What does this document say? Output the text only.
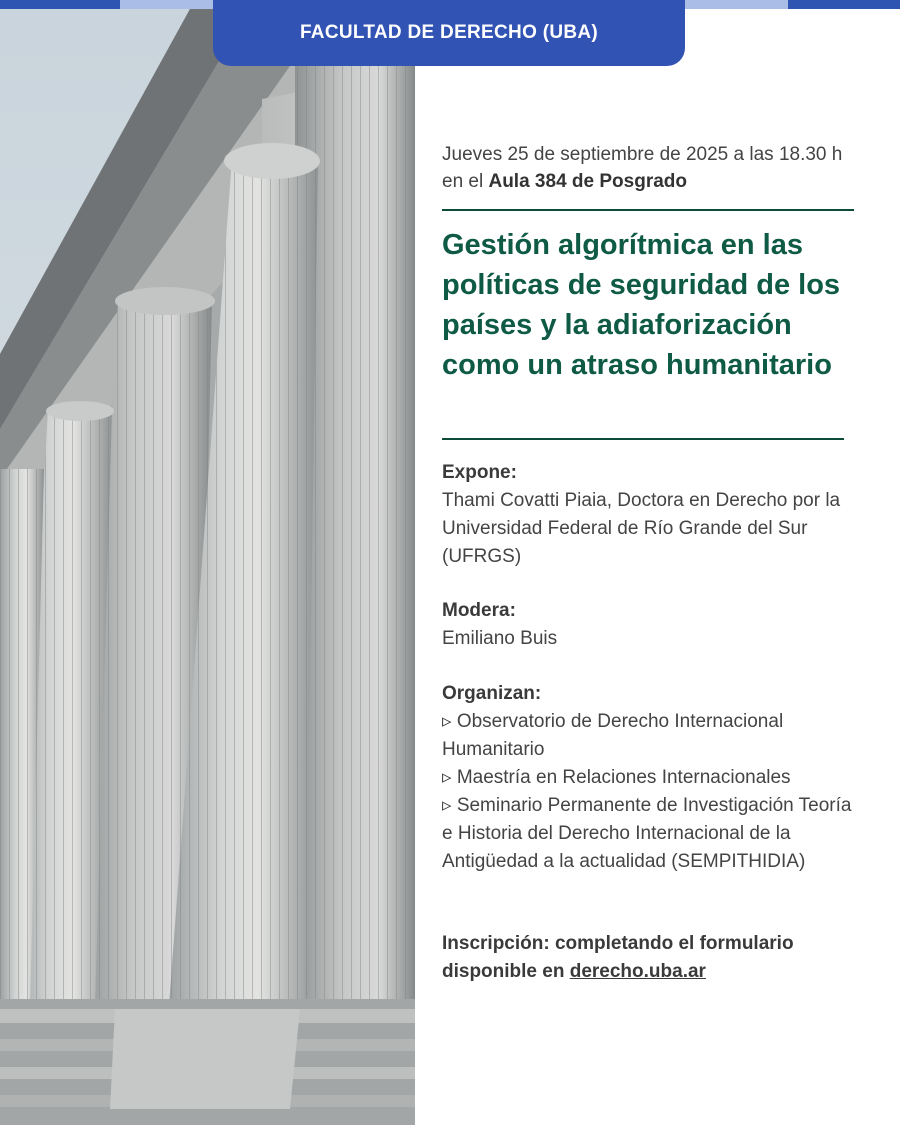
FACULTAD DE DERECHO (UBA)
Jueves 25 de septiembre de 2025 a las 18.30 h en el Aula 384 de Posgrado
Gestión algorítmica en las políticas de seguridad de los países y la adiaforización como un atraso humanitario
Expone:
Thami Covatti Piaia, Doctora en Derecho por la Universidad Federal de Río Grande del Sur (UFRGS)
Modera:
Emiliano Buis
Organizan:
▹ Observatorio de Derecho Internacional Humanitario
▹ Maestría en Relaciones Internacionales
▹ Seminario Permanente de Investigación Teoría e Historia del Derecho Internacional de la Antigüedad a la actualidad (SEMPITHIDIA)
Inscripción: completando el formulario disponible en derecho.uba.ar
